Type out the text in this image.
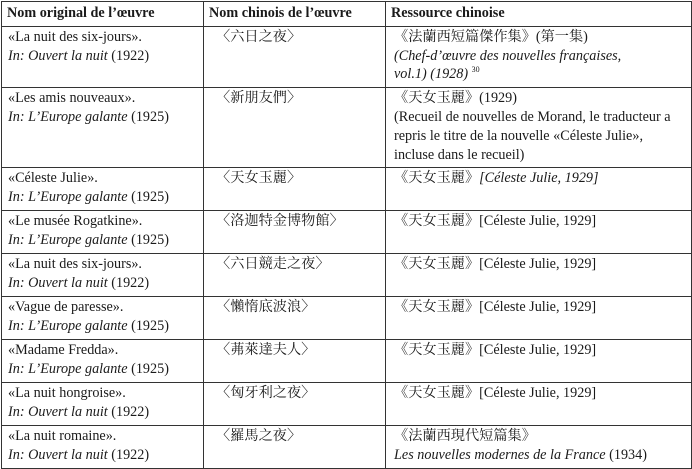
Nom original de l’œuvre	Nom chinois de l’œuvre	Ressource chinoise

«La nuit des six-jours».
In: Ouvert la nuit (1922)	〈六日之夜〉	《法蘭西短篇傑作集》(第一集)
(Chef-d’œuvre des nouvelles françaises,
vol.1) (1928) $^{30}$

«Les amis nouveaux».
In: L’Europe galante (1925)	〈新朋友們〉	《天女玉麗》(1929)
(Recueil de nouvelles de Morand, le traducteur a repris le titre de la nouvelle «Céleste Julie», incluse dans le recueil)

«Céleste Julie».
In: L’Europe galante (1925)	〈天女玉麗〉	《天女玉麗》[Céleste Julie, 1929]

«Le musée Rogatkine».
In: L’Europe galante (1925)	〈洛迦特金博物館〉	《天女玉麗》[Céleste Julie, 1929]

«La nuit des six-jours».
In: Ouvert la nuit (1922)	〈六日競走之夜〉	《天女玉麗》[Céleste Julie, 1929]

«Vague de paresse».
In: L’Europe galante (1925)	〈懶惰底波浪〉	《天女玉麗》[Céleste Julie, 1929]

«Madame Fredda».
In: L’Europe galante (1925)	〈茀萊達夫人〉	《天女玉麗》[Céleste Julie, 1929]

«La nuit hongroise».
In: Ouvert la nuit (1922)	〈匈牙利之夜〉	《天女玉麗》[Céleste Julie, 1929]

«La nuit romaine».
In: Ouvert la nuit (1922)	〈羅馬之夜〉	《法蘭西現代短篇集》
Les nouvelles modernes de la France (1934)
